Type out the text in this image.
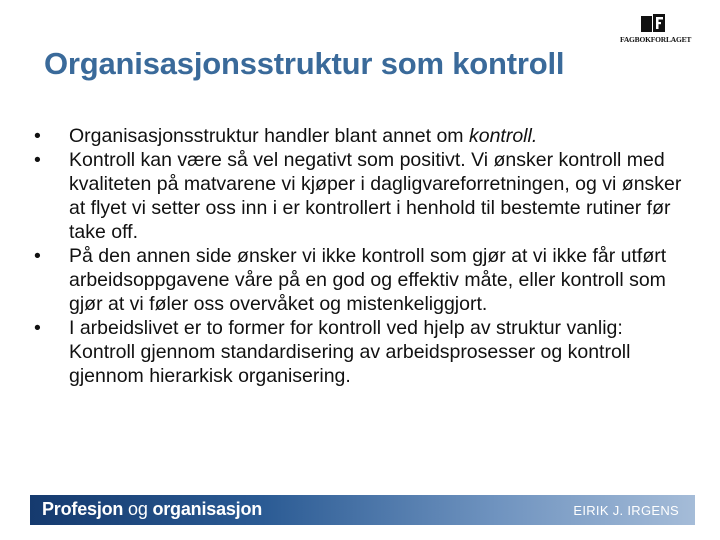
FAGBOKFORLAGET
Organisasjonsstruktur som kontroll
• Organisasjonsstruktur handler blant annet om kontroll.
• Kontroll kan være så vel negativt som positivt. Vi ønsker kontroll med kvaliteten på matvarene vi kjøper i dagligvareforretningen, og vi ønsker at flyet vi setter oss inn i er kontrollert i henhold til bestemte rutiner før take off.
• På den annen side ønsker vi ikke kontroll som gjør at vi ikke får utført arbeidsoppgavene våre på en god og effektiv måte, eller kontroll som gjør at vi føler oss overvåket og mistenkeliggjort.
• I arbeidslivet er to former for kontroll ved hjelp av struktur vanlig: Kontroll gjennom standardisering av arbeidsprosesser og kontroll gjennom hierarkisk organisering.
Profesjon og organisasjon	EIRIK J. IRGENS
